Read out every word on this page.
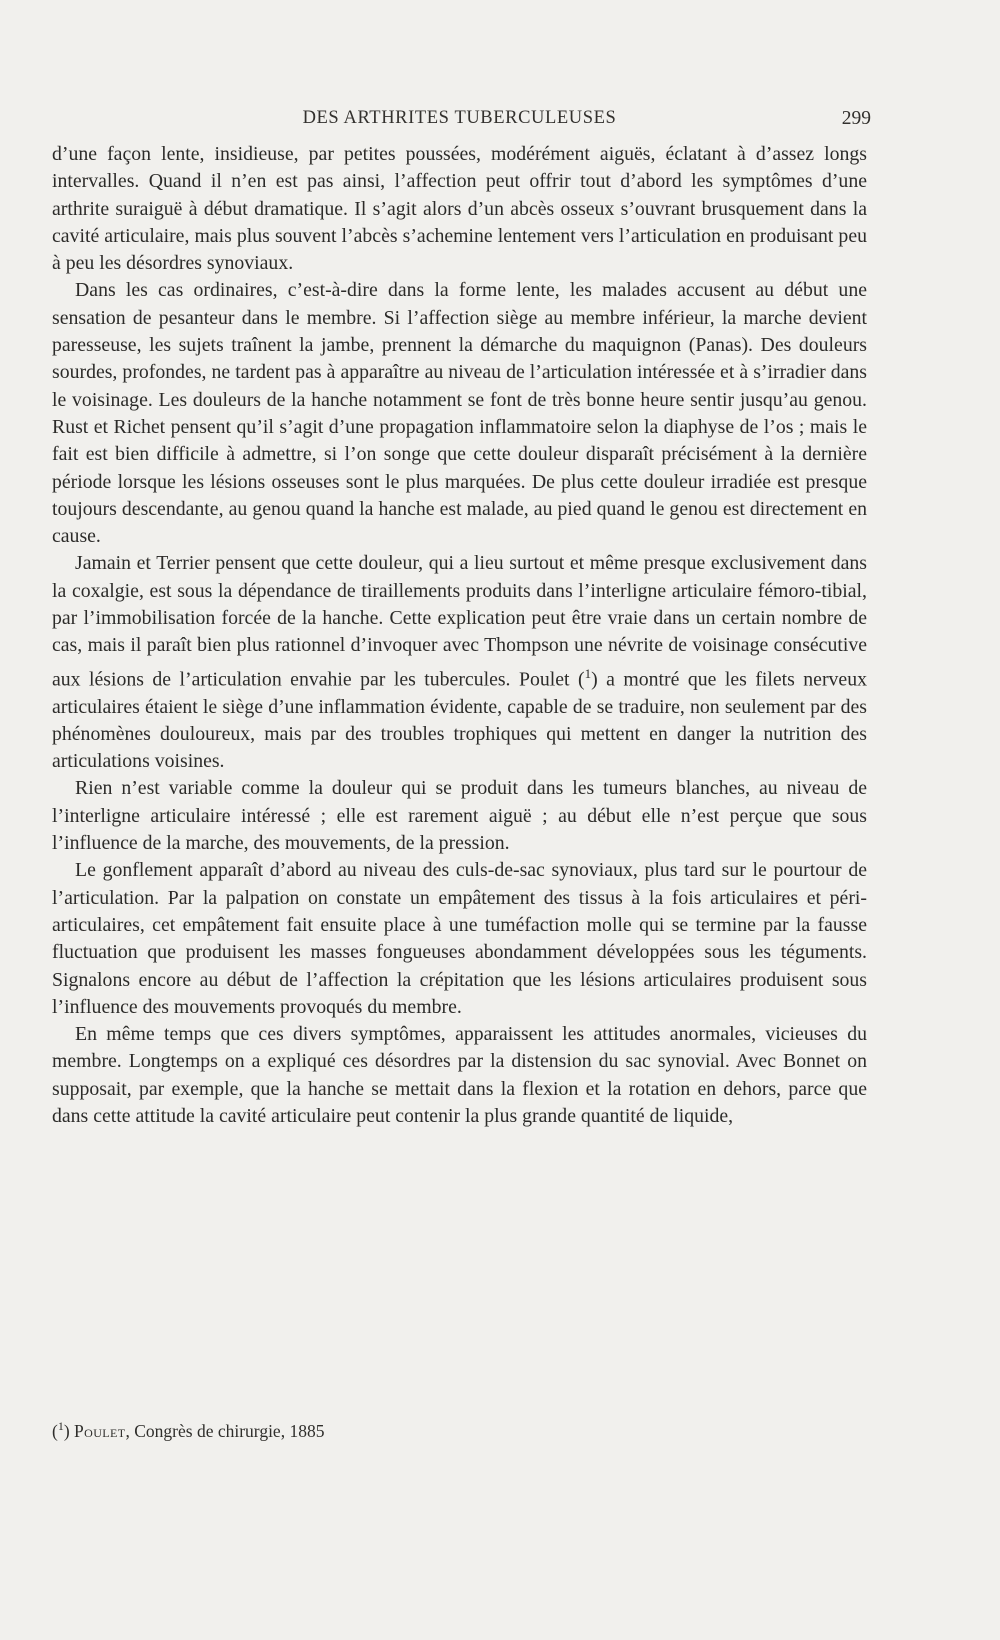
DES ARTHRITES TUBERCULEUSES	299

d’une façon lente, insidieuse, par petites poussées, modérément aiguës, éclatant à d’assez longs intervalles. Quand il n’en est pas ainsi, l’affection peut offrir tout d’abord les symptômes d’une arthrite suraiguë à début dramatique. Il s’agit alors d’un abcès osseux s’ouvrant brusquement dans la cavité articulaire, mais plus souvent l’abcès s’achemine lentement vers l’articulation en produisant peu à peu les désordres synoviaux.

Dans les cas ordinaires, c’est-à-dire dans la forme lente, les malades accusent au début une sensation de pesanteur dans le membre. Si l’affection siège au membre inférieur, la marche devient paresseuse, les sujets traînent la jambe, prennent la démarche du maquignon (Panas). Des douleurs sourdes, profondes, ne tardent pas à apparaître au niveau de l’articulation intéressée et à s’irradier dans le voisinage. Les douleurs de la hanche notamment se font de très bonne heure sentir jusqu’au genou. Rust et Richet pensent qu’il s’agit d’une propagation inflammatoire selon la diaphyse de l’os ; mais le fait est bien difficile à admettre, si l’on songe que cette douleur disparaît précisément à la dernière période lorsque les lésions osseuses sont le plus marquées. De plus cette douleur irradiée est presque toujours descendante, au genou quand la hanche est malade, au pied quand le genou est directement en cause.

Jamain et Terrier pensent que cette douleur, qui a lieu surtout et même presque exclusivement dans la coxalgie, est sous la dépendance de tiraillements produits dans l’interligne articulaire fémoro-tibial, par l’immobilisation forcée de la hanche. Cette explication peut être vraie dans un certain nombre de cas, mais il paraît bien plus rationnel d’invoquer avec Thompson une névrite de voisinage consécutive aux lésions de l’articulation envahie par les tubercules. Poulet ($^1$) a montré que les filets nerveux articulaires étaient le siège d’une inflammation évidente, capable de se traduire, non seulement par des phénomènes douloureux, mais par des troubles trophiques qui mettent en danger la nutrition des articulations voisines.

Rien n’est variable comme la douleur qui se produit dans les tumeurs blanches, au niveau de l’interligne articulaire intéressé ; elle est rarement aiguë ; au début elle n’est perçue que sous l’influence de la marche, des mouvements, de la pression.

Le gonflement apparaît d’abord au niveau des culs-de-sac synoviaux, plus tard sur le pourtour de l’articulation. Par la palpation on constate un empâtement des tissus à la fois articulaires et péri-articulaires, cet empâtement fait ensuite place à une tuméfaction molle qui se termine par la fausse fluctuation que produisent les masses fongueuses abondamment développées sous les téguments. Signalons encore au début de l’affection la crépitation que les lésions articulaires produisent sous l’influence des mouvements provoqués du membre.

En même temps que ces divers symptômes, apparaissent les attitudes anormales, vicieuses du membre. Longtemps on a expliqué ces désordres par la distension du sac synovial. Avec Bonnet on supposait, par exemple, que la hanche se mettait dans la flexion et la rotation en dehors, parce que dans cette attitude la cavité articulaire peut contenir la plus grande quantité de liquide,

($^1$) Poulet, Congrès de chirurgie, 1885
